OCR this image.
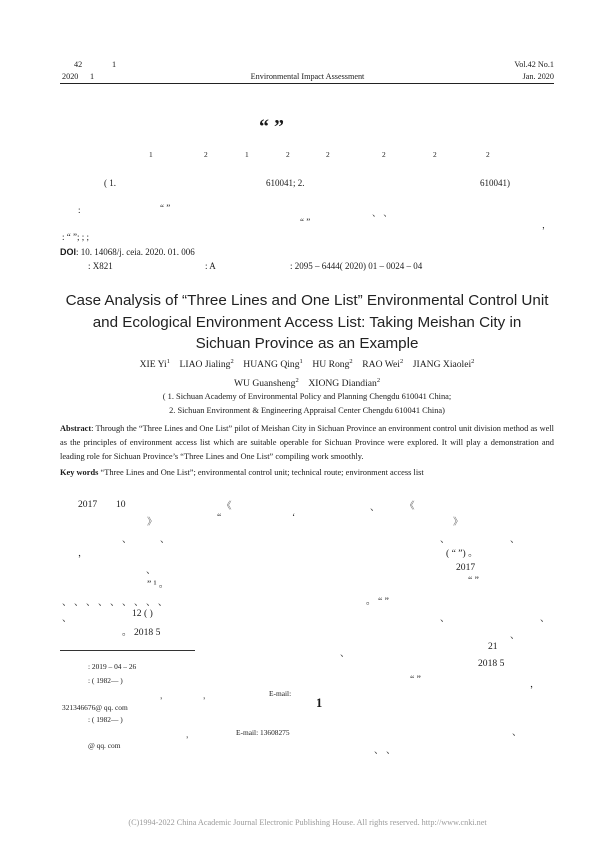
42	1
2020 1	Environmental Impact Assessment
Vol.42 No.1
Jan. 2020
“ ”
1	2	1	2	2	2	2	2
( 1.	610041; 2.	610041)
:	“ ”	、 、
“ ”	，
: “ ”; ; ;
DOI: 10. 14068/j. ceia. 2020. 01. 006
: X821	: A	: 2095 – 6444( 2020) 01 – 0024 – 04
Case Analysis of “Three Lines and One List” Environmental Control Unit
and Ecological Environment Access List: Taking Meishan City in
Sichuan Province as an Example
XIE Yi$^1$ LIAO Jialing$^2$ HUANG Qing$^1$ HU Rong$^2$ RAO Wei$^2$ JIANG Xiaolei$^2$
WU Guansheng$^2$ XIONG Diandian$^2$
( 1. Sichuan Academy of Environmental Policy and Planning Chengdu 610041 China;
2. Sichuan Environment & Engineering Appraisal Center Chengdu 610041 China)
Abstract: Through the “Three Lines and One List” pilot of Meishan City in Sichuan Province an environment control unit division method as well as the principles of environment access list which are suitable operable for Sichuan Province were explored. It will play a demonstration and leading role for Sichuan Province’s “Three Lines and One List” compiling work smoothly.
Key words “Three Lines and One List”; environmental control unit; technical route; environment access list
2017 10	《	、	《
》	“	‘	》
、	、	、	、
，	( “ ”) 。
、	2017
” ¹ 。	“ ”
、 、 、 、 、 、 、 、 、	。 “ ”
、	12 ( )	、	、
。 2018 5	、
、
21
2018 5
“ ”	，
、
、 、
: 2019 – 04 – 26
: ( 1982— )
，	，	E-mail:
321346676@ qq. com
: ( 1982— )
，	E-mail: 13608275
@ qq. com
1
(C)1994-2022 China Academic Journal Electronic Publishing House. All rights reserved. http://www.cnki.net
